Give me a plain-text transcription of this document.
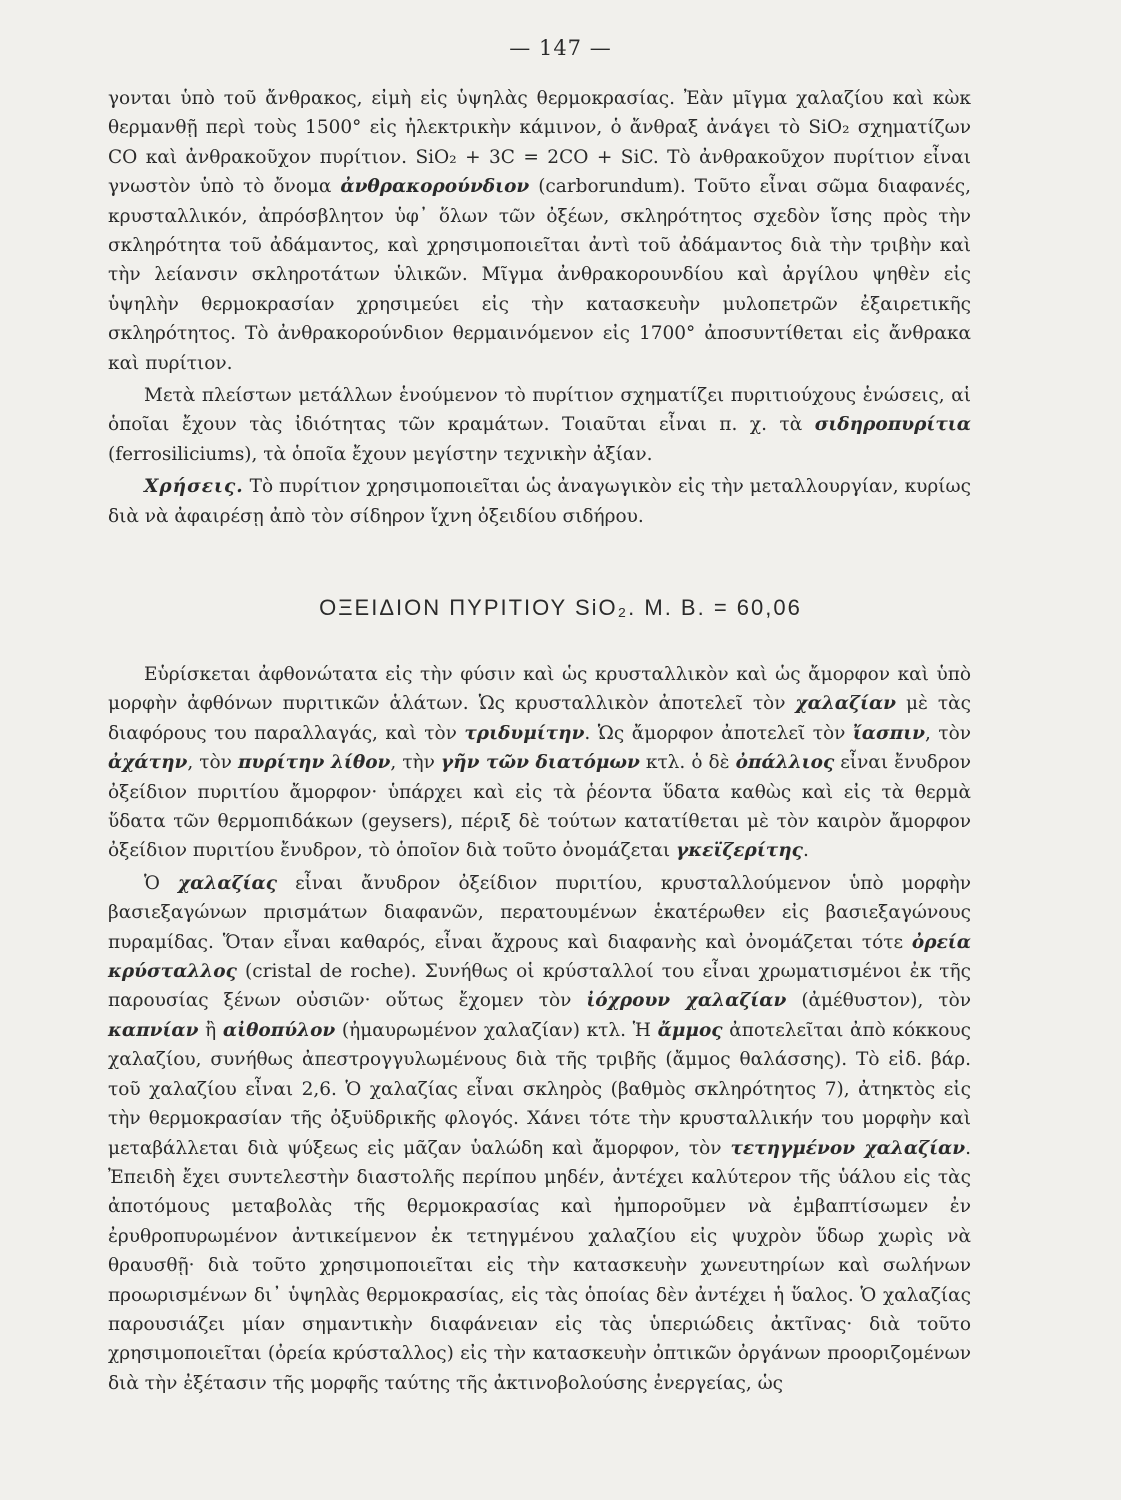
— 147 —

γονται ὑπὸ τοῦ ἄνθρακος, εἰμὴ εἰς ὑψηλὰς θερμοκρασίας. Ἐὰν μῖγμα χαλαζίου καὶ κὼκ θερμανθῇ περὶ τοὺς 1500° εἰς ἠλεκτρικὴν κάμινον, ὁ ἄνθραξ ἀνάγει τὸ SiO₂ σχηματίζων CO καὶ ἀνθρακοῦχον πυρίτιον. SiO₂ + 3C = 2CO + SiC. Τὸ ἀνθρακοῦχον πυρίτιον εἶναι γνωστὸν ὑπὸ τὸ ὄνομα ἀνθρακορούνδιον (carborundum). Τοῦτο εἶναι σῶμα διαφανές, κρυσταλλικόν, ἀπρόσβλητον ὑφ᾽ ὅλων τῶν ὀξέων, σκληρότητος σχεδὸν ἴσης πρὸς τὴν σκληρότητα τοῦ ἀδάμαντος, καὶ χρησιμοποιεῖται ἀντὶ τοῦ ἀδάμαντος διὰ τὴν τριβὴν καὶ τὴν λείανσιν σκληροτάτων ὑλικῶν. Μῖγμα ἀνθρακορουνδίου καὶ ἀργίλου ψηθὲν εἰς ὑψηλὴν θερμοκρασίαν χρησιμεύει εἰς τὴν κατασκευὴν μυλοπετρῶν ἐξαιρετικῆς σκληρότητος. Τὸ ἀνθρακορούνδιον θερμαινόμενον εἰς 1700° ἀποσυντίθεται εἰς ἄνθρακα καὶ πυρίτιον.

Μετὰ πλείστων μετάλλων ἑνούμενον τὸ πυρίτιον σχηματίζει πυριτιούχους ἑνώσεις, αἱ ὁποῖαι ἔχουν τὰς ἰδιότητας τῶν κραμάτων. Τοιαῦται εἶναι π. χ. τὰ σιδηροπυρίτια (ferrosiliciums), τὰ ὁποῖα ἔχουν μεγίστην τεχνικὴν ἀξίαν.

Χρήσεις. Τὸ πυρίτιον χρησιμοποιεῖται ὡς ἀναγωγικὸν εἰς τὴν μεταλλουργίαν, κυρίως διὰ νὰ ἀφαιρέσῃ ἀπὸ τὸν σίδηρον ἴχνη ὀξειδίου σιδήρου.

ΟΞΕΙΔΙΟΝ ΠΥΡΙΤΙΟΥ SiO₂. M. B. = 60,06

Εὑρίσκεται ἀφθονώτατα εἰς τὴν φύσιν καὶ ὡς κρυσταλλικὸν καὶ ὡς ἄμορφον καὶ ὑπὸ μορφὴν ἀφθόνων πυριτικῶν ἁλάτων. Ὡς κρυσταλλικὸν ἀποτελεῖ τὸν χαλαζίαν μὲ τὰς διαφόρους του παραλλαγάς, καὶ τὸν τριδυμίτην. Ὡς ἄμορφον ἀποτελεῖ τὸν ἴασπιν, τὸν ἀχάτην, τὸν πυρίτην λίθον, τὴν γῆν τῶν διατόμων κτλ. ὁ δὲ ὀπάλλιος εἶναι ἔνυδρον ὀξείδιον πυριτίου ἄμορφον· ὑπάρχει καὶ εἰς τὰ ῥέοντα ὕδατα καθὼς καὶ εἰς τὰ θερμὰ ὕδατα τῶν θερμοπιδάκων (geysers), πέριξ δὲ τούτων κατατίθεται μὲ τὸν καιρὸν ἄμορφον ὀξείδιον πυριτίου ἔνυδρον, τὸ ὁποῖον διὰ τοῦτο ὀνομάζεται γκεϊζερίτης.

Ὁ χαλαζίας εἶναι ἄνυδρον ὀξείδιον πυριτίου, κρυσταλλούμενον ὑπὸ μορφὴν βασιεξαγώνων πρισμάτων διαφανῶν, περατουμένων ἑκατέρωθεν εἰς βασιεξαγώνους πυραμίδας. Ὅταν εἶναι καθαρός, εἶναι ἄχρους καὶ διαφανὴς καὶ ὀνομάζεται τότε ὀρεία κρύσταλλος (cristal de roche). Συνήθως οἱ κρύσταλλοί του εἶναι χρωματισμένοι ἐκ τῆς παρουσίας ξένων οὐσιῶν· οὕτως ἔχομεν τὸν ἰόχρουν χαλαζίαν (ἀμέθυστον), τὸν καπνίαν ἢ αἰθοπύλον (ἠμαυρωμένον χαλαζίαν) κτλ. Ἡ ἄμμος ἀποτελεῖται ἀπὸ κόκκους χαλαζίου, συνήθως ἀπεστρογγυλωμένους διὰ τῆς τριβῆς (ἄμμος θαλάσσης). Τὸ εἰδ. βάρ. τοῦ χαλαζίου εἶναι 2,6. Ὁ χαλαζίας εἶναι σκληρὸς (βαθμὸς σκληρότητος 7), ἀτηκτὸς εἰς τὴν θερμοκρασίαν τῆς ὀξυϋδρικῆς φλογός. Χάνει τότε τὴν κρυσταλλικήν του μορφὴν καὶ μεταβάλλεται διὰ ψύξεως εἰς μᾶζαν ὑαλώδη καὶ ἄμορφον, τὸν τετηγμένον χαλαζίαν. Ἐπειδὴ ἔχει συντελεστὴν διαστολῆς περίπου μηδέν, ἀντέχει καλύτερον τῆς ὑάλου εἰς τὰς ἀποτόμους μεταβολὰς τῆς θερμοκρασίας καὶ ἠμποροῦμεν νὰ ἐμβαπτίσωμεν ἐν ἐρυθροπυρωμένον ἀντικείμενον ἐκ τετηγμένου χαλαζίου εἰς ψυχρὸν ὕδωρ χωρὶς νὰ θραυσθῇ· διὰ τοῦτο χρησιμοποιεῖται εἰς τὴν κατασκευὴν χωνευτηρίων καὶ σωλήνων προωρισμένων δι᾽ ὑψηλὰς θερμοκρασίας, εἰς τὰς ὁποίας δὲν ἀντέχει ἡ ὕαλος. Ὁ χαλαζίας παρουσιάζει μίαν σημαντικὴν διαφάνειαν εἰς τὰς ὑπεριώδεις ἀκτῖνας· διὰ τοῦτο χρησιμοποιεῖται (ὀρεία κρύσταλλος) εἰς τὴν κατασκευὴν ὀπτικῶν ὀργάνων προοριζομένων διὰ τὴν ἐξέτασιν τῆς μορφῆς ταύτης τῆς ἀκτινοβολούσης ἐνεργείας, ὡς
